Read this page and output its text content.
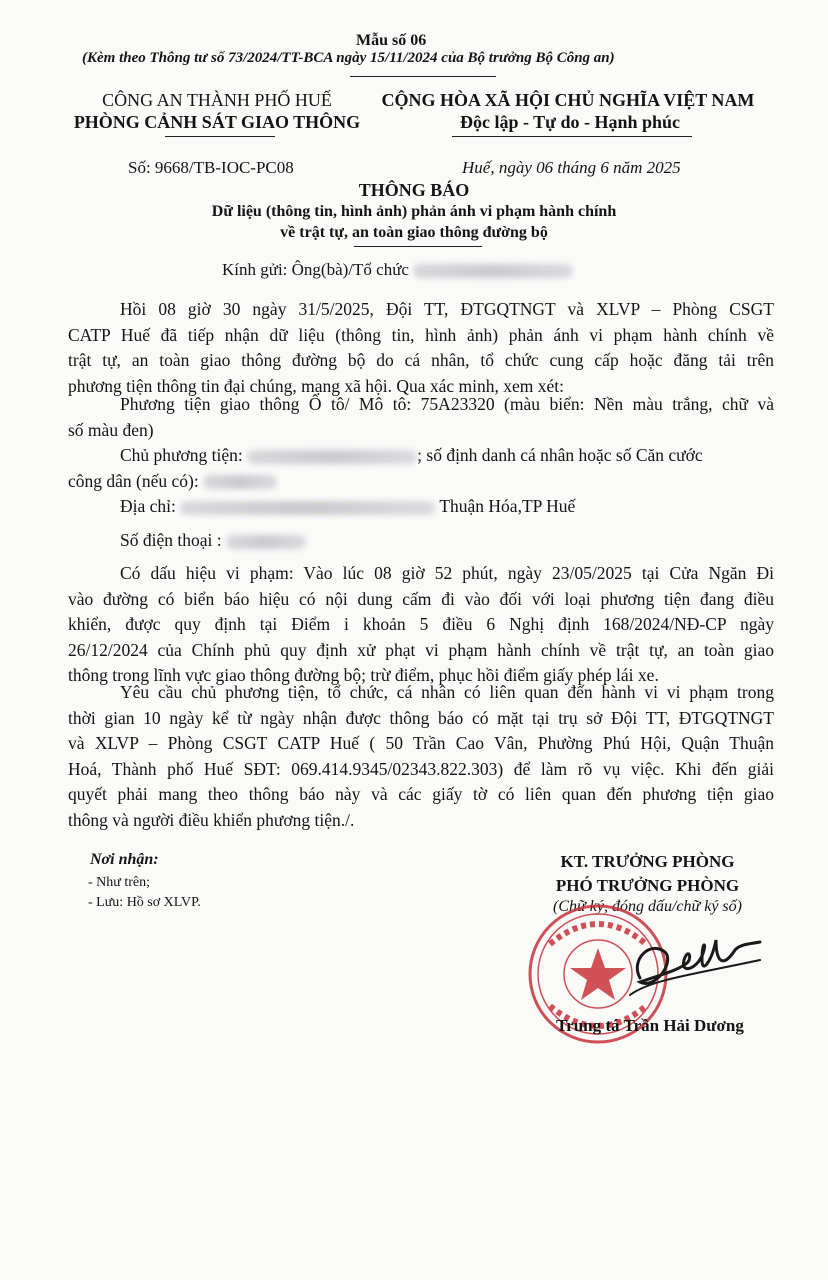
Mẫu số 06
(Kèm theo Thông tư số 73/2024/TT-BCA ngày 15/11/2024 của Bộ trưởng Bộ Công an)
CÔNG AN THÀNH PHỐ HUẾ
PHÒNG CẢNH SÁT GIAO THÔNG
CỘNG HÒA XÃ HỘI CHỦ NGHĨA VIỆT NAM
Độc lập - Tự do - Hạnh phúc
Số: 9668/TB-IOC-PC08	Huế, ngày 06 tháng 6 năm 2025
THÔNG BÁO
Dữ liệu (thông tin, hình ảnh) phản ánh vi phạm hành chính
về trật tự, an toàn giao thông đường bộ
Kính gửi: Ông(bà)/Tổ chức
Hồi 08 giờ 30 ngày 31/5/2025, Đội TT, ĐTGQTNGT và XLVP – Phòng CSGT
CATP Huế đã tiếp nhận dữ liệu (thông tin, hình ảnh) phản ánh vi phạm hành chính về
trật tự, an toàn giao thông đường bộ do cá nhân, tổ chức cung cấp hoặc đăng tải trên
phương tiện thông tin đại chúng, mạng xã hội. Qua xác minh, xem xét:
Phương tiện giao thông Ô tô/ Mô tô: 75A23320 (màu biển: Nền màu trắng, chữ và
số màu đen)
Chủ phương tiện:	; số định danh cá nhân hoặc số Căn cước
công dân (nếu có):
Địa chỉ:	Thuận Hóa,TP Huế
Số điện thoại :
Có dấu hiệu vi phạm: Vào lúc 08 giờ 52 phút, ngày 23/05/2025 tại Cửa Ngăn Đi
vào đường có biển báo hiệu có nội dung cấm đi vào đối với loại phương tiện đang điều
khiển, được quy định tại Điểm i khoản 5 điều 6 Nghị định 168/2024/NĐ-CP ngày
26/12/2024 của Chính phủ quy định xử phạt vi phạm hành chính về trật tự, an toàn giao
thông trong lĩnh vực giao thông đường bộ; trừ điểm, phục hồi điểm giấy phép lái xe.
Yêu cầu chủ phương tiện, tổ chức, cá nhân có liên quan đến hành vi vi phạm trong
thời gian 10 ngày kể từ ngày nhận được thông báo có mặt tại trụ sở Đội TT, ĐTGQTNGT
và XLVP – Phòng CSGT CATP Huế ( 50 Trần Cao Vân, Phường Phú Hội, Quận Thuận
Hoá, Thành phố Huế SĐT: 069.414.9345/02343.822.303) để làm rõ vụ việc. Khi đến giải
quyết phải mang theo thông báo này và các giấy tờ có liên quan đến phương tiện giao
thông và người điều khiển phương tiện./.
Nơi nhận:
- Như trên;
- Lưu: Hồ sơ XLVP.
KT. TRƯỞNG PHÒNG
PHÓ TRƯỞNG PHÒNG
(Chữ ký, đóng dấu/chữ ký số)
Trung tá Trần Hải Dương
